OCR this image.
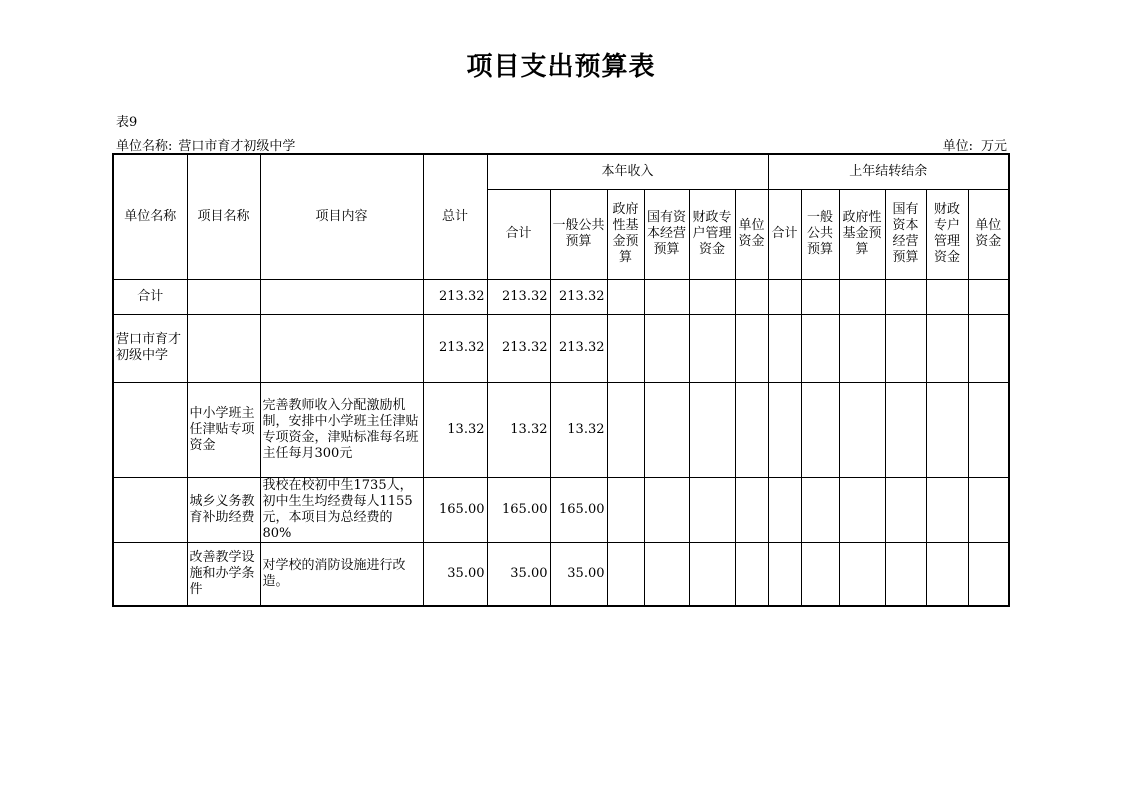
项目支出预算表
表9
单位名称: 营口市育才初级中学	单位: 万元
单位名称	项目名称	项目内容	总计	本年收入						上年结转结余					
				合计	一般公共预算	政府性基金预算	国有资本经营预算	财政专户管理资金	单位资金	合计	一般公共预算	政府性基金预算	国有资本经营预算	财政专户管理资金	单位资金
合计			213.32	213.32	213.32										
营口市育才初级中学			213.32	213.32	213.32										
	中小学班主任津贴专项资金	完善教师收入分配激励机制，安排中小学班主任津贴专项资金，津贴标准每名班主任每月300元	13.32	13.32	13.32										
	城乡义务教育补助经费	我校在校初中生1735人，初中生生均经费每人1155元，本项目为总经费的80%	165.00	165.00	165.00										
	改善教学设施和办学条件	对学校的消防设施进行改造。	35.00	35.00	35.00										
